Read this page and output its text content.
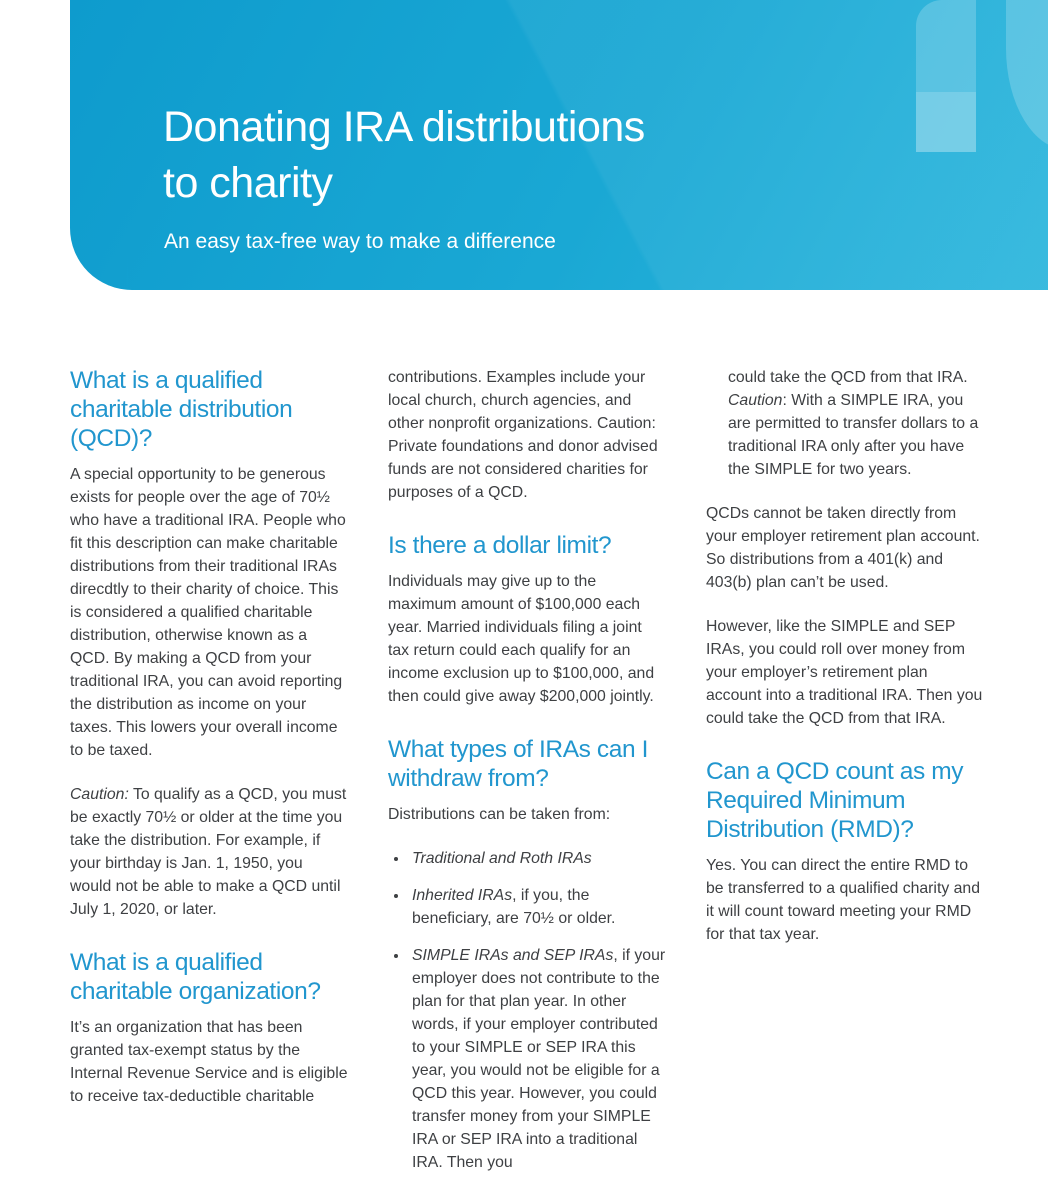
Donating IRA distributions
to charity

An easy tax-free way to make a difference

What is a qualified charitable distribution (QCD)?

A special opportunity to be generous exists for people over the age of 70½ who have a traditional IRA. People who fit this description can make charitable distributions from their traditional IRAs direcdtly to their charity of choice. This is considered a qualified charitable distribution, otherwise known as a QCD. By making a QCD from your traditional IRA, you can avoid reporting the distribution as income on your taxes. This lowers your overall income to be taxed.

Caution: To qualify as a QCD, you must be exactly 70½ or older at the time you take the distribution. For example, if your birthday is Jan. 1, 1950, you would not be able to make a QCD until July 1, 2020, or later.

What is a qualified charitable organization?

It’s an organization that has been granted tax-exempt status by the Internal Revenue Service and is eligible to receive tax-deductible charitable

contributions. Examples include your local church, church agencies, and other nonprofit organizations. Caution: Private foundations and donor advised funds are not considered charities for purposes of a QCD.

Is there a dollar limit?

Individuals may give up to the maximum amount of $100,000 each year. Married individuals filing a joint tax return could each qualify for an income exclusion up to $100,000, and then could give away $200,000 jointly.

What types of IRAs can I withdraw from?

Distributions can be taken from:

• Traditional and Roth IRAs
• Inherited IRAs, if you, the beneficiary, are 70½ or older.
• SIMPLE IRAs and SEP IRAs, if your employer does not contribute to the plan for that plan year. In other words, if your employer contributed to your SIMPLE or SEP IRA this year, you would not be eligible for a QCD this year. However, you could transfer money from your SIMPLE IRA or SEP IRA into a traditional IRA. Then you

could take the QCD from that IRA. Caution: With a SIMPLE IRA, you are permitted to transfer dollars to a traditional IRA only after you have the SIMPLE for two years.

QCDs cannot be taken directly from your employer retirement plan account. So distributions from a 401(k) and 403(b) plan can’t be used.

However, like the SIMPLE and SEP IRAs, you could roll over money from your employer’s retirement plan account into a traditional IRA. Then you could take the QCD from that IRA.

Can a QCD count as my Required Minimum Distribution (RMD)?

Yes. You can direct the entire RMD to be transferred to a qualified charity and it will count toward meeting your RMD for that tax year.
